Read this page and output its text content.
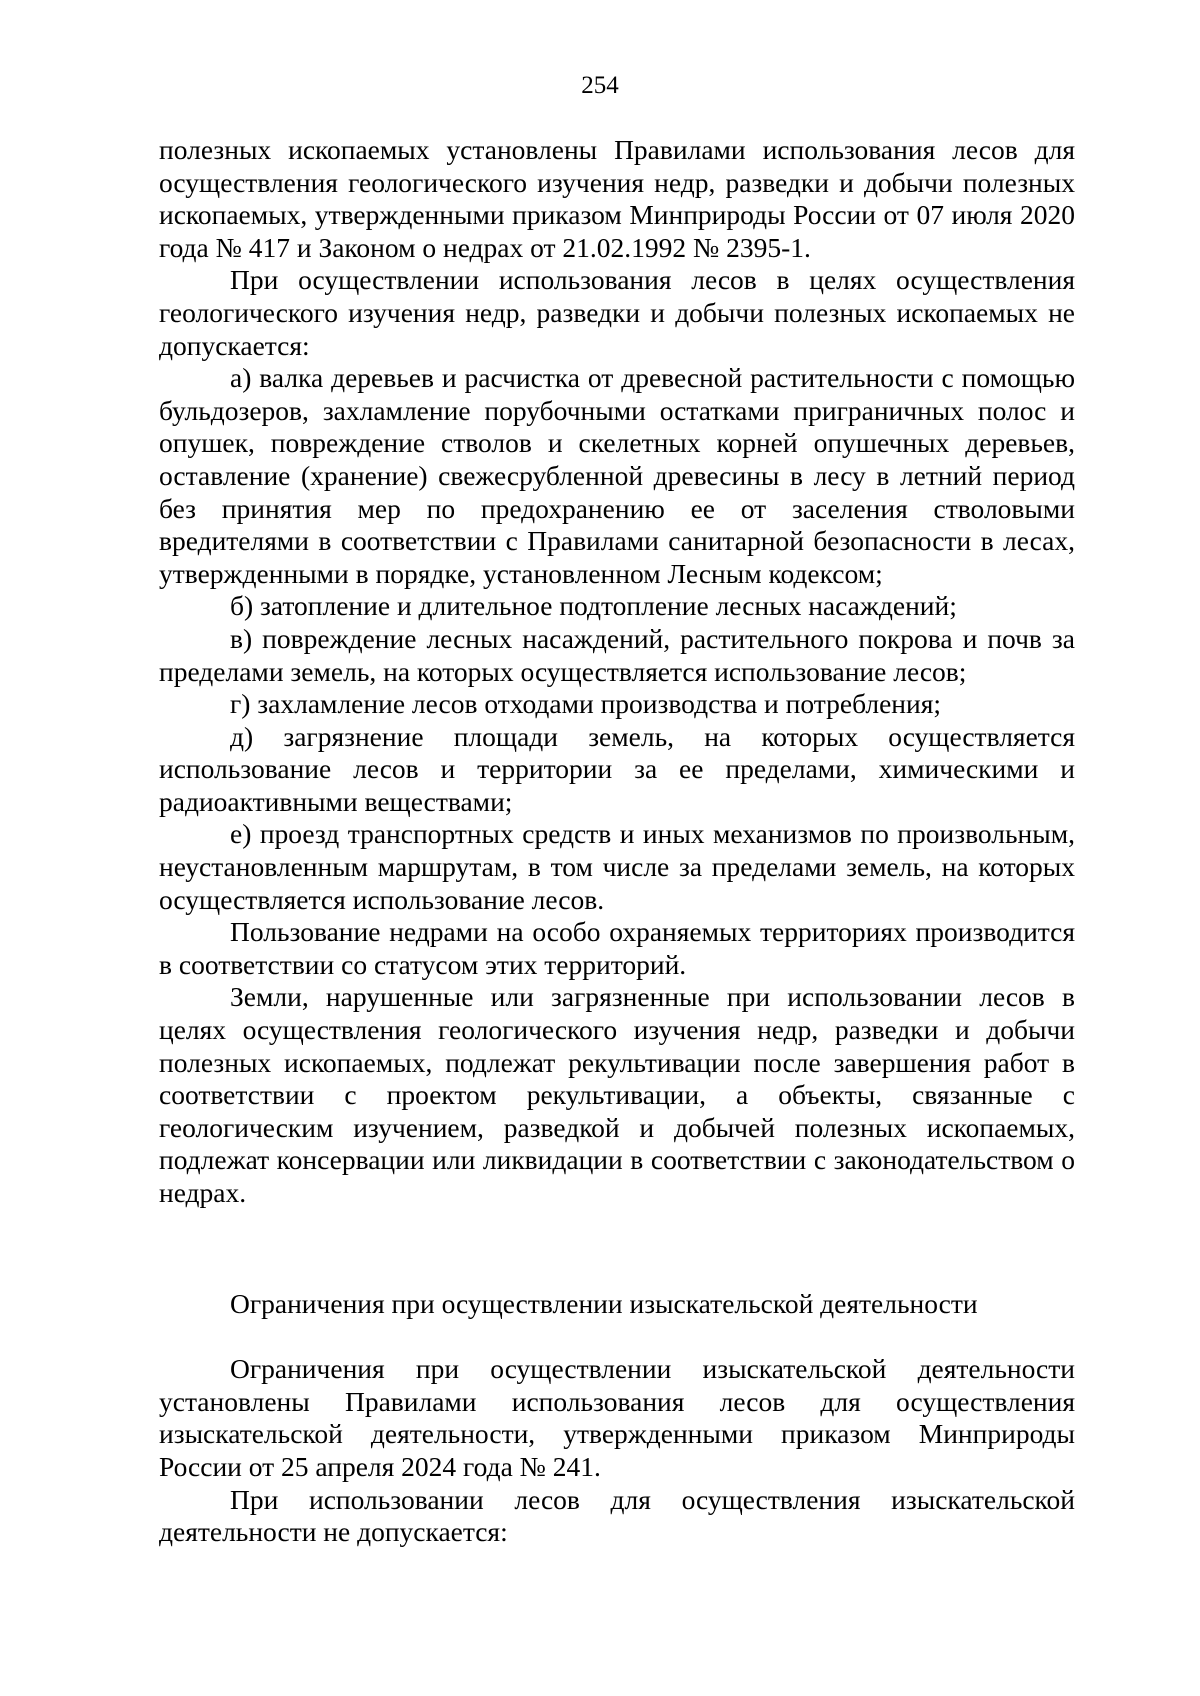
254

полезных ископаемых установлены Правилами использования лесов для осуществления геологического изучения недр, разведки и добычи полезных ископаемых, утвержденными приказом Минприроды России от 07 июля 2020 года № 417 и Законом о недрах от 21.02.1992 № 2395-1.

При осуществлении использования лесов в целях осуществления геологического изучения недр, разведки и добычи полезных ископаемых не допускается:

а) валка деревьев и расчистка от древесной растительности с помощью бульдозеров, захламление порубочными остатками приграничных полос и опушек, повреждение стволов и скелетных корней опушечных деревьев, оставление (хранение) свежесрубленной древесины в лесу в летний период без принятия мер по предохранению ее от заселения стволовыми вредителями в соответствии с Правилами санитарной безопасности в лесах, утвержденными в порядке, установленном Лесным кодексом;

б) затопление и длительное подтопление лесных насаждений;

в) повреждение лесных насаждений, растительного покрова и почв за пределами земель, на которых осуществляется использование лесов;

г) захламление лесов отходами производства и потребления;

д) загрязнение площади земель, на которых осуществляется использование лесов и территории за ее пределами, химическими и радиоактивными веществами;

е) проезд транспортных средств и иных механизмов по произвольным, неустановленным маршрутам, в том числе за пределами земель, на которых осуществляется использование лесов.

Пользование недрами на особо охраняемых территориях производится в соответствии со статусом этих территорий.

Земли, нарушенные или загрязненные при использовании лесов в целях осуществления геологического изучения недр, разведки и добычи полезных ископаемых, подлежат рекультивации после завершения работ в соответствии с проектом рекультивации, а объекты, связанные с геологическим изучением, разведкой и добычей полезных ископаемых, подлежат консервации или ликвидации в соответствии с законодательством о недрах.

Ограничения при осуществлении изыскательской деятельности

Ограничения при осуществлении изыскательской деятельности установлены Правилами использования лесов для осуществления изыскательской деятельности, утвержденными приказом Минприроды России от 25 апреля 2024 года № 241.

При использовании лесов для осуществления изыскательской деятельности не допускается:
